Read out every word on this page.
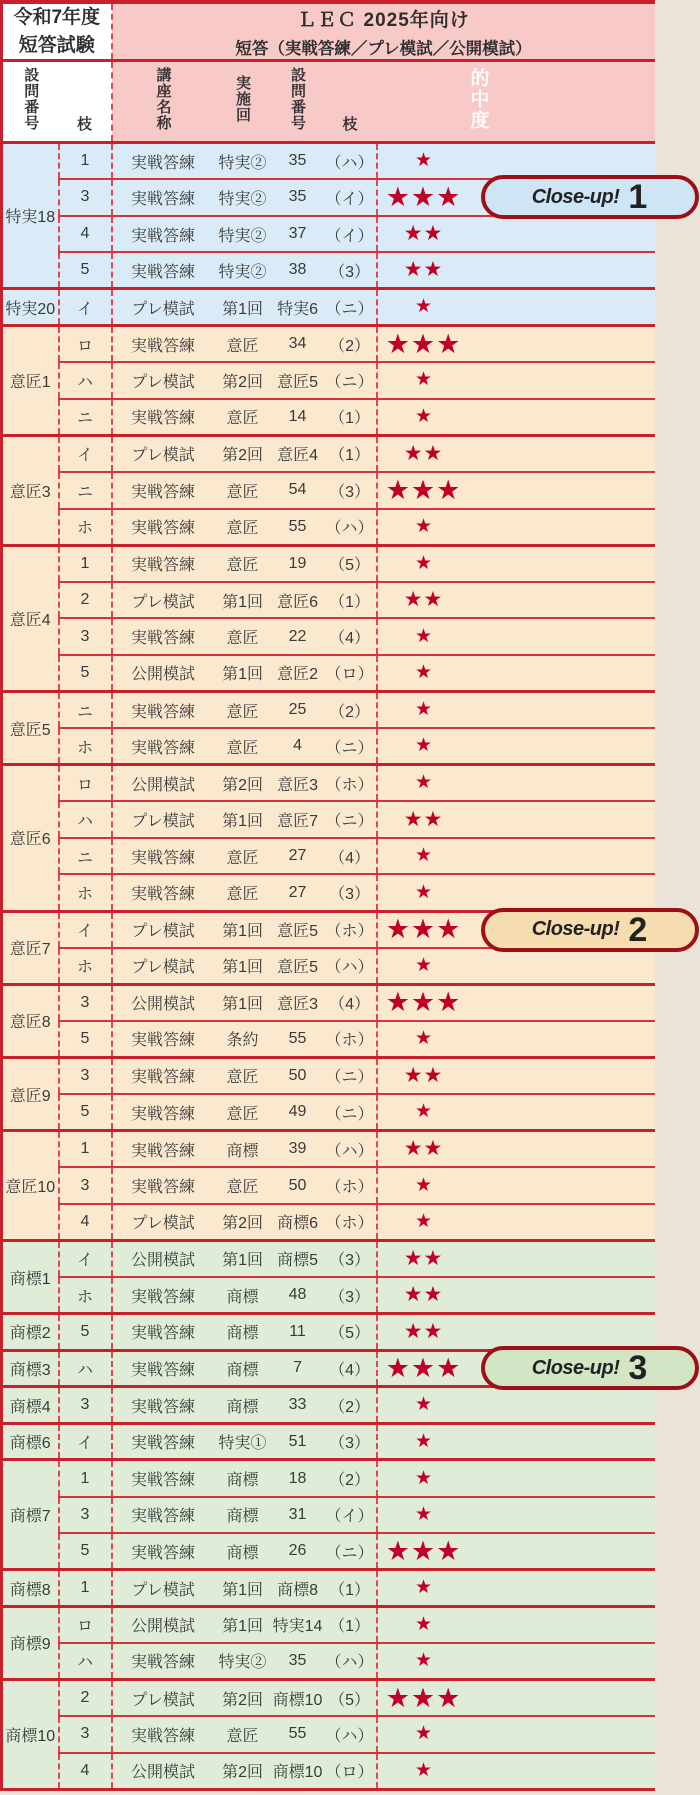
令和7年度
短答試験

ＬＥＣ 2025年向け
短答（実戦答練／プレ模試／公開模試）

設問番号	枝	講座名称	実施回	設問番号	枝	的中度
特実18	1	実戦答練	特実②	35	（ハ）	★
	3	実戦答練	特実②	35	（イ）	★★★ Close-up! 1

	4	実戦答練	特実②	37	（イ）	★★
	5	実戦答練	特実②	38	（3）	★★
特実20	イ	プレ模試	第1回	特実6	（ニ）	★
意匠1	ロ	実戦答練	意匠	34	（2）	★★★
	ハ	プレ模試	第2回	意匠5	（ニ）	★
	ニ	実戦答練	意匠	14	（1）	★
意匠3	イ	プレ模試	第2回	意匠4	（1）	★★
	ニ	実戦答練	意匠	54	（3）	★★★
	ホ	実戦答練	意匠	55	（ハ）	★
意匠4	1	実戦答練	意匠	19	（5）	★
	2	プレ模試	第1回	意匠6	（1）	★★
	3	実戦答練	意匠	22	（4）	★
	5	公開模試	第1回	意匠2	（ロ）	★
意匠5	ニ	実戦答練	意匠	25	（2）	★
	ホ	実戦答練	意匠	4	（ニ）	★
意匠6	ロ	公開模試	第2回	意匠3	（ホ）	★
	ハ	プレ模試	第1回	意匠7	（ニ）	★★
	ニ	実戦答練	意匠	27	（4）	★
	ホ	実戦答練	意匠	27	（3）	★
意匠7	イ	プレ模試	第1回	意匠5	（ホ）	★★★ Close-up! 2

	ホ	プレ模試	第1回	意匠5	（ハ）	★
意匠8	3	公開模試	第1回	意匠3	（4）	★★★
	5	実戦答練	条約	55	（ホ）	★
意匠9	3	実戦答練	意匠	50	（ニ）	★★
	5	実戦答練	意匠	49	（ニ）	★
意匠10	1	実戦答練	商標	39	（ハ）	★★
	3	実戦答練	意匠	50	（ホ）	★
	4	プレ模試	第2回	商標6	（ホ）	★
商標1	イ	公開模試	第1回	商標5	（3）	★★
	ホ	実戦答練	商標	48	（3）	★★
商標2	5	実戦答練	商標	11	（5）	★★
商標3	ハ	実戦答練	商標	7	（4）	★★★ Close-up! 3

商標4	3	実戦答練	商標	33	（2）	★
商標6	イ	実戦答練	特実①	51	（3）	★
商標7	1	実戦答練	商標	18	（2）	★
	3	実戦答練	商標	31	（イ）	★
	5	実戦答練	商標	26	（ニ）	★★★
商標8	1	プレ模試	第1回	商標8	（1）	★
商標9	ロ	公開模試	第1回	特実14	（1）	★
	ハ	実戦答練	特実②	35	（ハ）	★
商標10	2	プレ模試	第2回	商標10	（5）	★★★
	3	実戦答練	意匠	55	（ハ）	★
	4	公開模試	第2回	商標10	（ロ）	★
